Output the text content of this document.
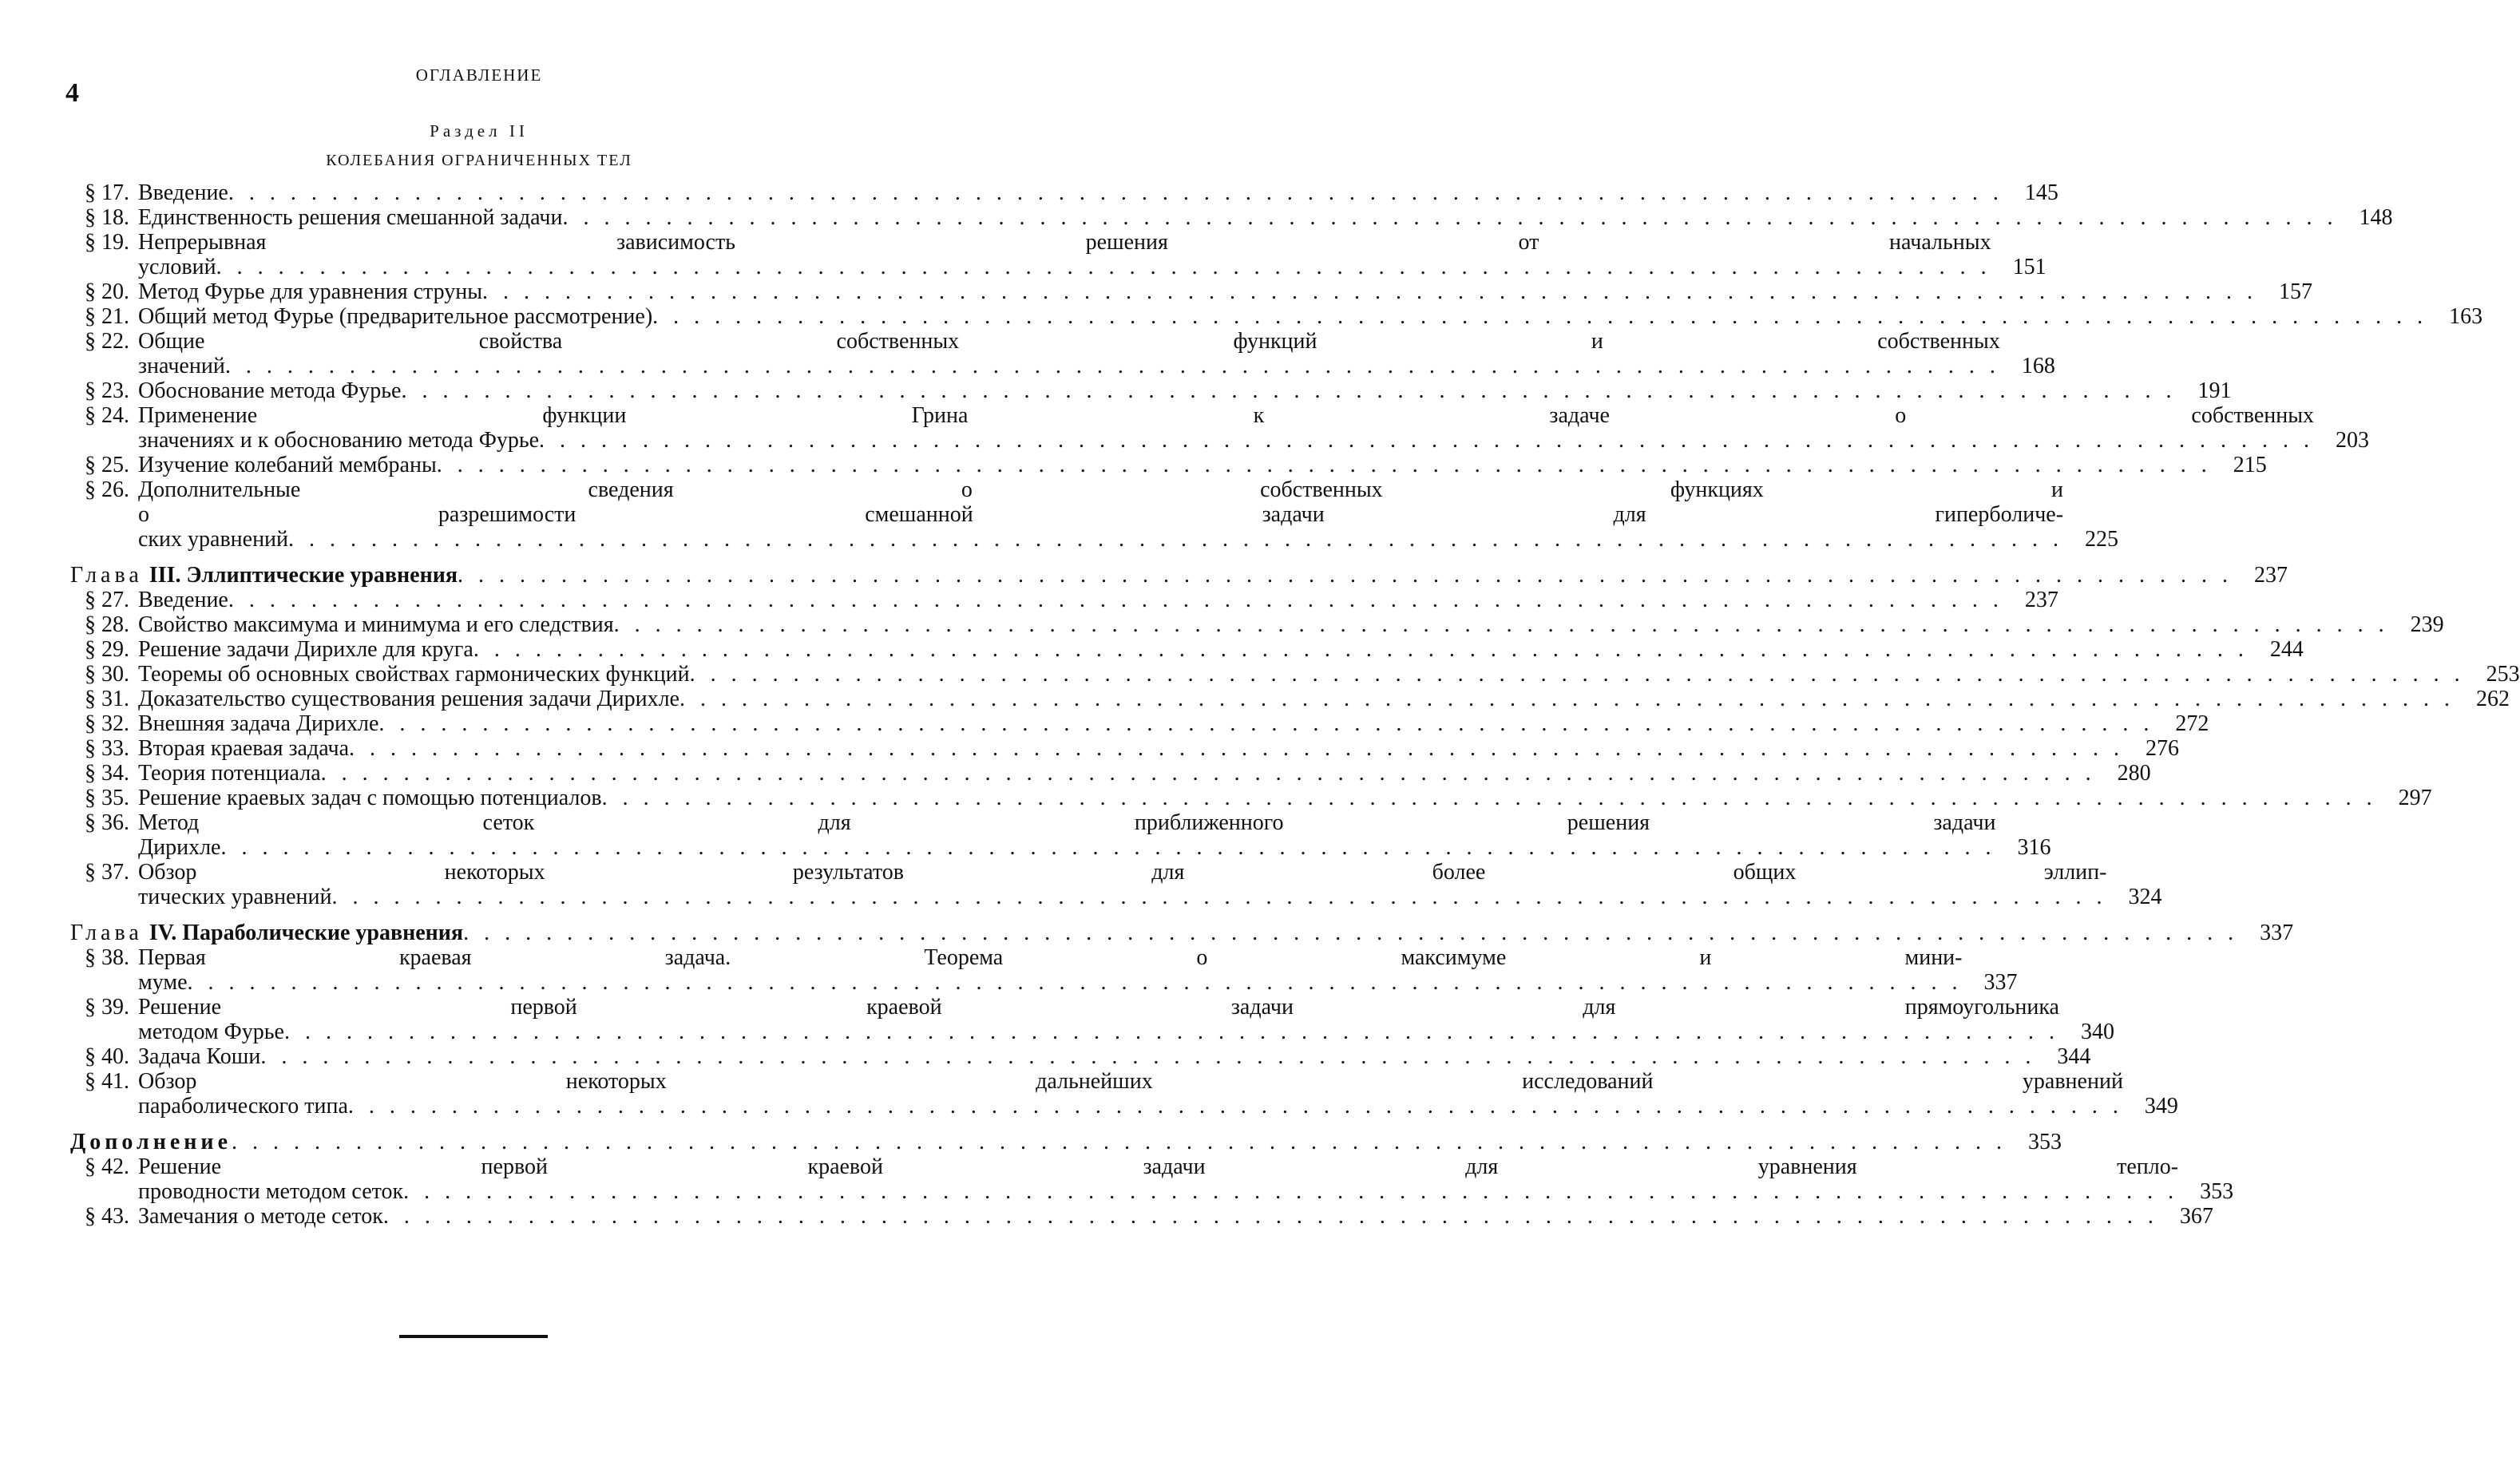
4
ОГЛАВЛЕНИЕ
Раздел II
КОЛЕБАНИЯ ОГРАНИЧЕННЫХ ТЕЛ
§ 17. Введение . . .	145
§ 18. Единственность решения смешанной задачи . . .	148
§ 19. Непрерывная зависимость решения от начальных
условий . . .	151
§ 20. Метод Фурье для уравнения струны . . .	157
§ 21. Общий метод Фурье (предварительное рассмотрение) . . .	163
§ 22. Общие свойства собственных функций и собственных
значений . . .	168
§ 23. Обоснование метода Фурье . . .	191
§ 24. Применение функции Грина к задаче о собственных
значениях и к обоснованию метода Фурье . . .	203
§ 25. Изучение колебаний мембраны . . .	215
§ 26. Дополнительные сведения о собственных функциях и
о разрешимости смешанной задачи для гиперболиче-
ских уравнений . . .	225
Глава III. Эллиптические уравнения . . .	237
§ 27. Введение . . .	237
§ 28. Свойство максимума и минимума и его следствия . . .	239
§ 29. Решение задачи Дирихле для круга . . .	244
§ 30. Теоремы об основных свойствах гармонических функций . . .	253
§ 31. Доказательство существования решения задачи Дирихле . . .	262
§ 32. Внешняя задача Дирихле . . .	272
§ 33. Вторая краевая задача . . .	276
§ 34. Теория потенциала . . .	280
§ 35. Решение краевых задач с помощью потенциалов . . .	297
§ 36. Метод сеток для приближенного решения задачи
Дирихле . . .	316
§ 37. Обзор некоторых результатов для более общих эллип-
тических уравнений . . .	324
Глава IV. Параболические уравнения . . .	337
§ 38. Первая краевая задача. Теорема о максимуме и мини-
муме . . .	337
§ 39. Решение первой краевой задачи для прямоугольника
методом Фурье . . .	340
§ 40. Задача Коши . . .	344
§ 41. Обзор некоторых дальнейших исследований уравнений
параболического типа . . .	349
Дополнение . . .	353
§ 42. Решение первой краевой задачи для уравнения тепло-
проводности методом сеток . . .	353
§ 43. Замечания о методе сеток . . .	367
